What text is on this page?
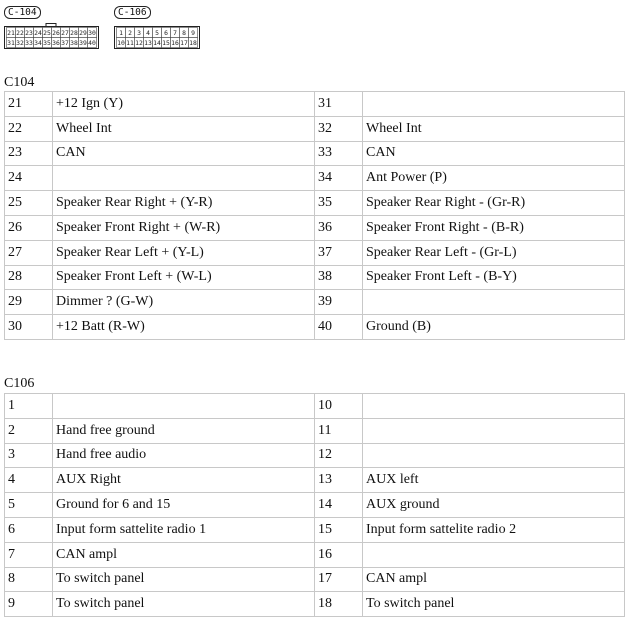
C-104
21 22 23 24 25 26 27 28 29 30
31 32 33 34 35 36 37 38 39 40
C-106
1 2 3 4 5 6 7 8 9
10 11 12 13 14 15 16 17 18
C104
21	+12 Ign (Y)	31	
22	Wheel Int	32	Wheel Int
23	CAN	33	CAN
24		34	Ant Power (P)
25	Speaker Rear Right + (Y-R)	35	Speaker Rear Right - (Gr-R)
26	Speaker Front Right + (W-R)	36	Speaker Front Right - (B-R)
27	Speaker Rear Left + (Y-L)	37	Speaker Rear Left - (Gr-L)
28	Speaker Front Left + (W-L)	38	Speaker Front Left - (B-Y)
29	Dimmer ? (G-W)	39	
30	+12 Batt (R-W)	40	Ground (B)
C106
1		10	
2	Hand free ground	11	
3	Hand free audio	12	
4	AUX Right	13	AUX left
5	Ground for 6 and 15	14	AUX ground
6	Input form sattelite radio 1	15	Input form sattelite radio 2
7	CAN ampl	16	
8	To switch panel	17	CAN ampl
9	To switch panel	18	To switch panel
